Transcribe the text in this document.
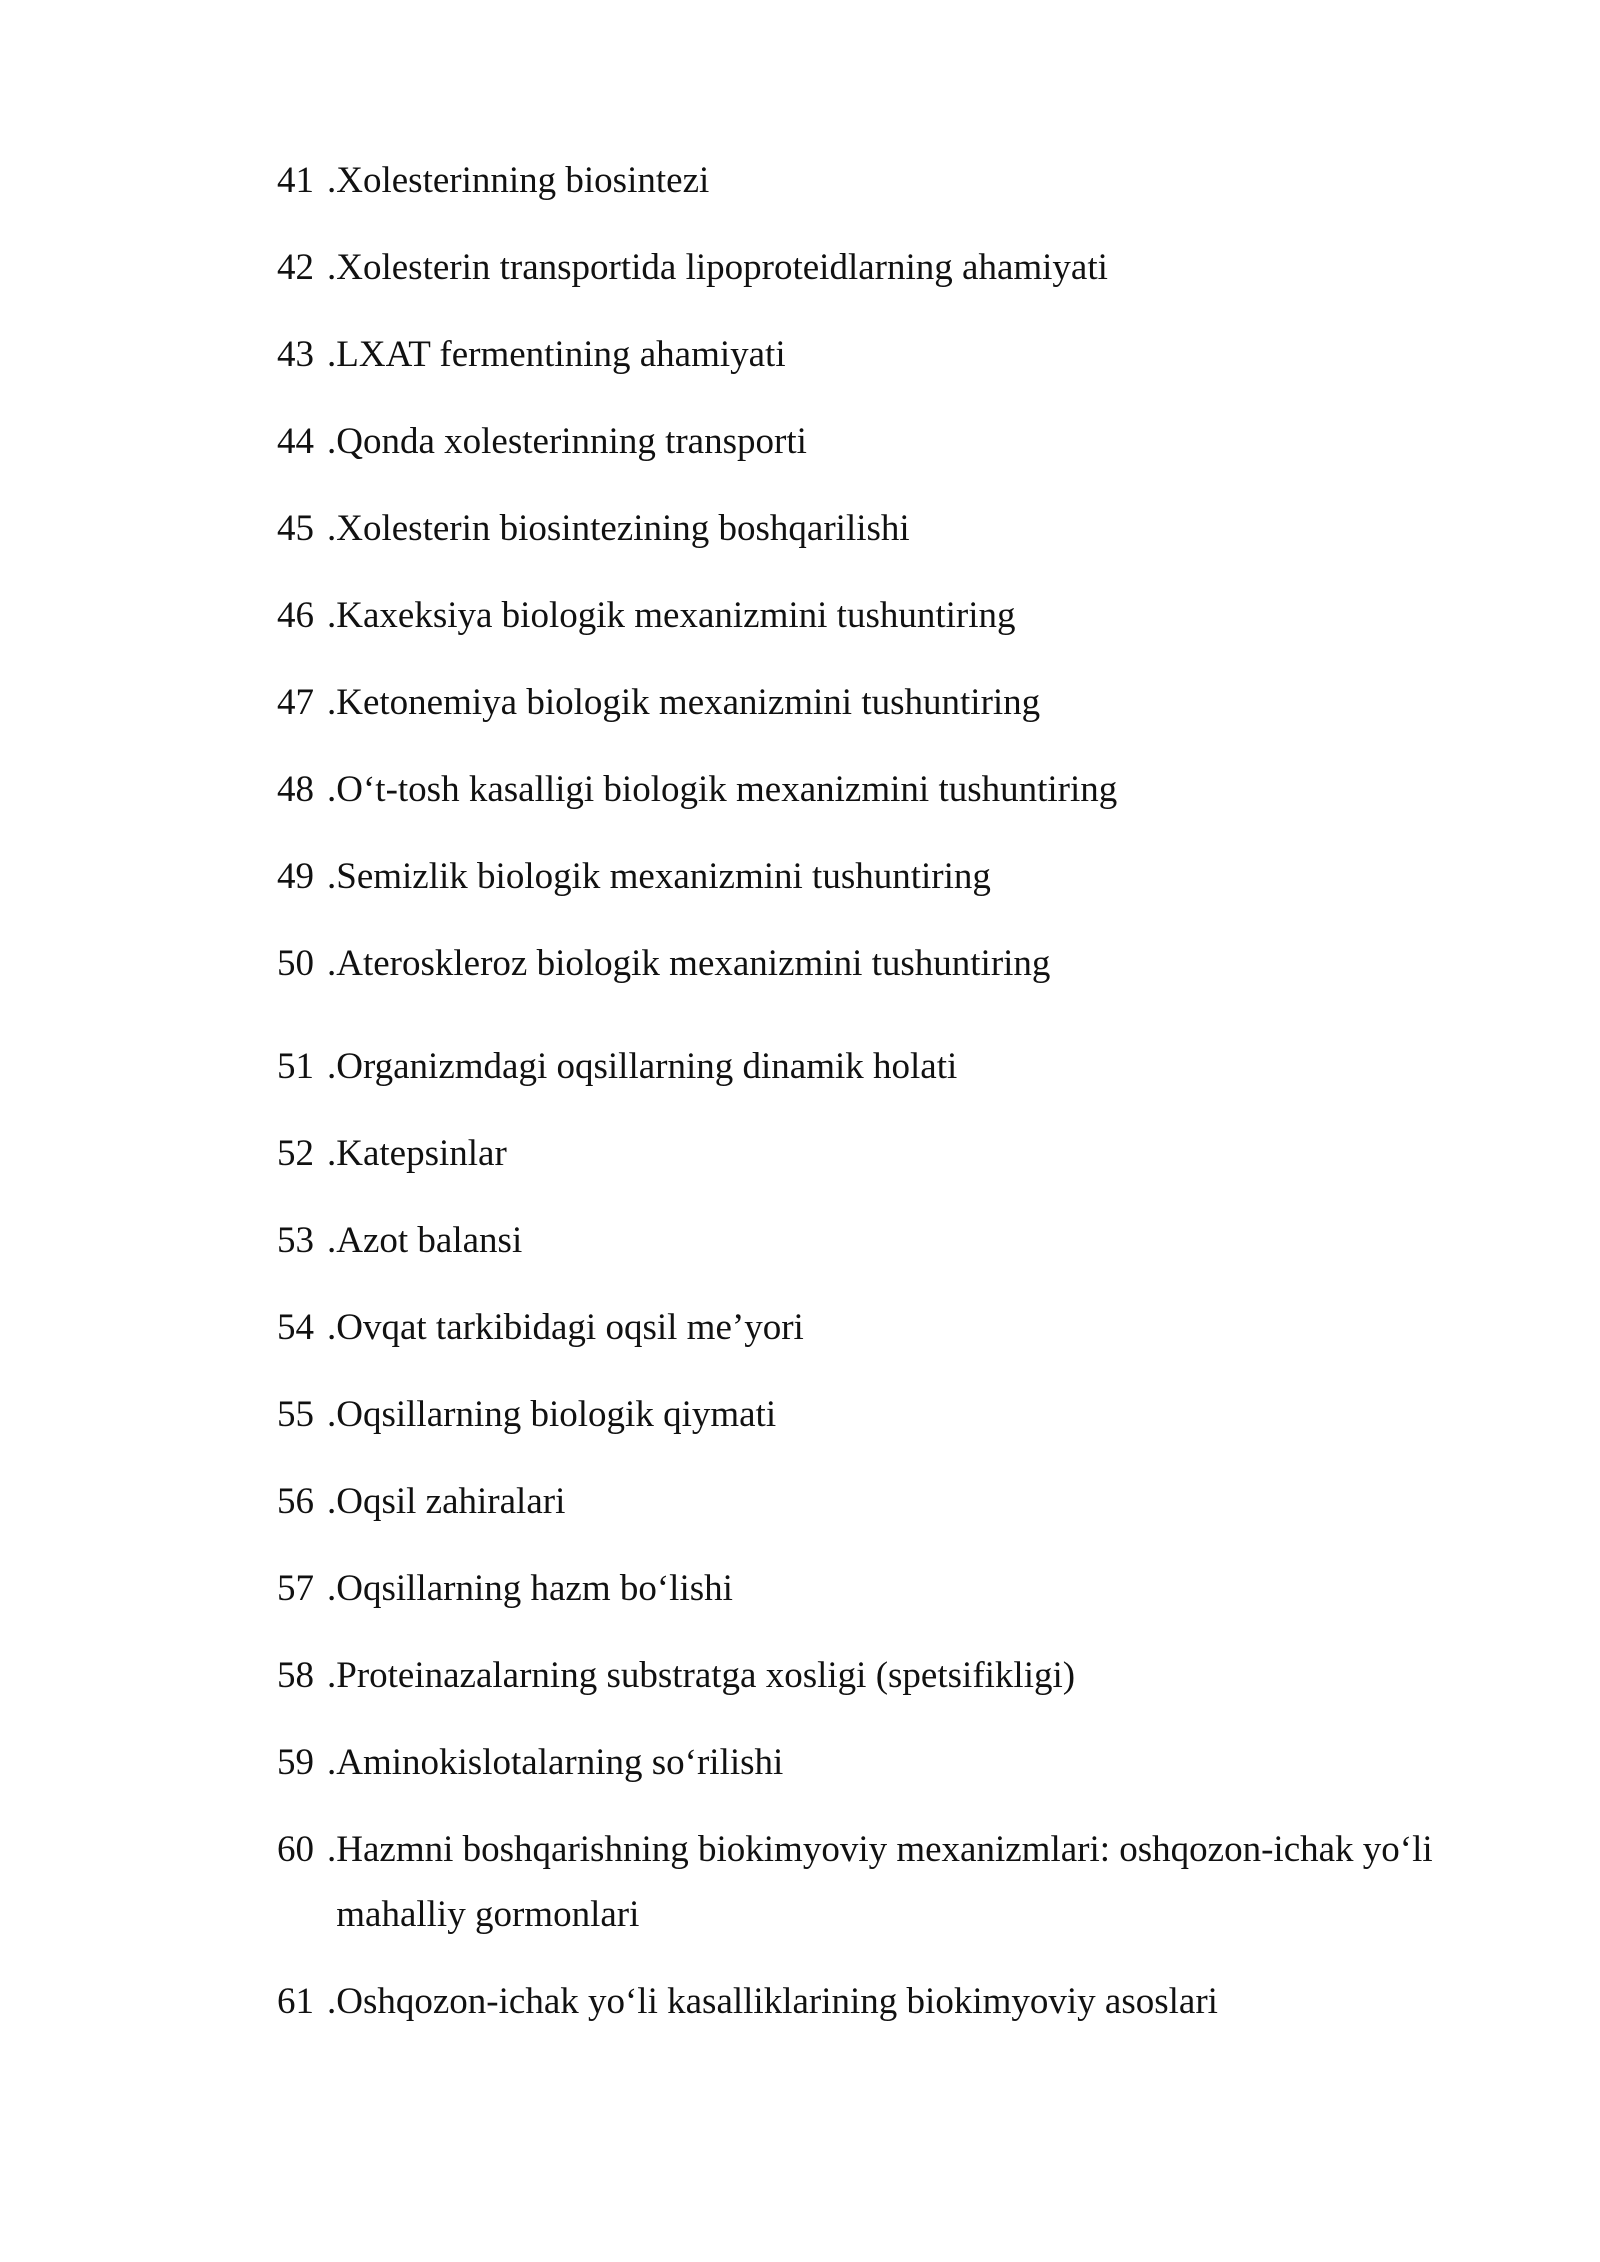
41 . Xolesterinning biosintezi
42 . Xolesterin transportida lipoproteidlarning ahamiyati
43 . LXAT fermentining ahamiyati
44 . Qonda xolesterinning transporti
45 . Xolesterin biosintezining boshqarilishi
46 . Kaxeksiya biologik mexanizmini tushuntiring
47 . Ketonemiya biologik mexanizmini tushuntiring
48 . O‘t-tosh kasalligi biologik mexanizmini tushuntiring
49 . Semizlik biologik mexanizmini tushuntiring
50 . Ateroskleroz biologik mexanizmini tushuntiring
51 . Organizmdagi oqsillarning dinamik holati
52 . Katepsinlar
53 . Azot balansi
54 . Ovqat tarkibidagi oqsil me’yori
55 . Oqsillarning biologik qiymati
56 . Oqsil zahiralari
57 . Oqsillarning hazm bo‘lishi
58 . Proteinazalarning substratga xosligi (spetsifikligi)
59 . Aminokislotalarning so‘rilishi
60 . Hazmni boshqarishning biokimyoviy mexanizmlari: oshqozon-ichak yo‘li mahalliy gormonlari
61 . Oshqozon-ichak yo‘li kasalliklarining biokimyoviy asoslari
